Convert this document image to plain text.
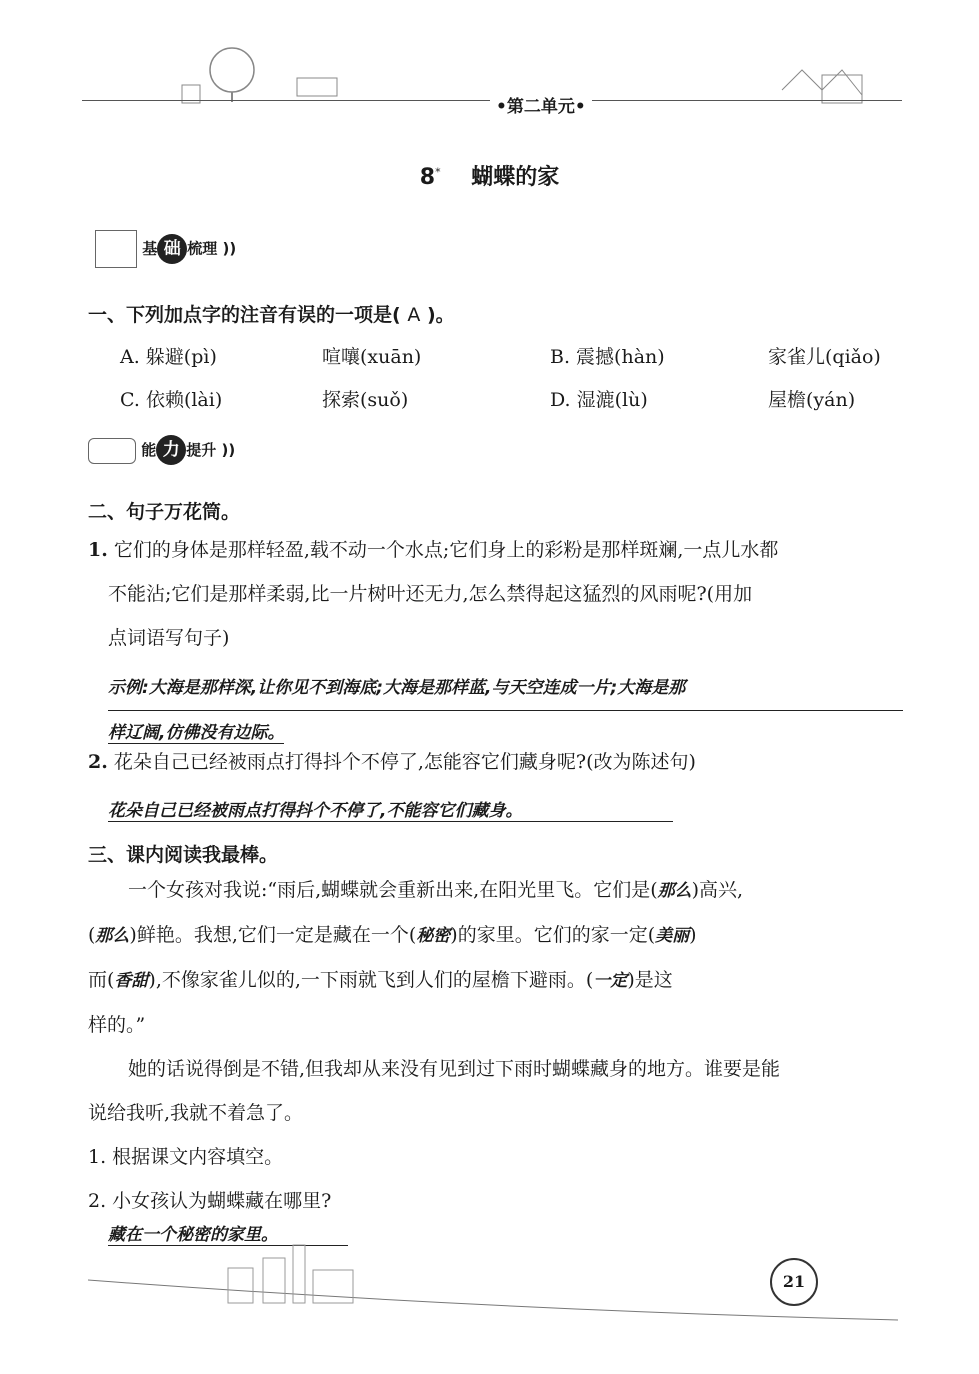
•第二单元•
8* 蝴蝶的家
基 础 梳理 ))
一、下列加点字的注音有误的一项是( A )。
A. 躲避(pì)	喧嚷(xuān)	B. 震撼(hàn)	家雀儿(qiǎo)
C. 依赖(lài)	探索(suǒ)	D. 湿漉(lù)	屋檐(yán)
能 力 提升 ))
二、句子万花筒。
1. 它们的身体是那样轻盈,载不动一个水点;它们身上的彩粉是那样斑斓,一点儿水都
不能沾;它们是那样柔弱,比一片树叶还无力,怎么禁得起这猛烈的风雨呢?(用加
点词语写句子)
示例:大海是那样深,让你见不到海底;大海是那样蓝,与天空连成一片;大海是那
样辽阔,仿佛没有边际。
2. 花朵自己已经被雨点打得抖个不停了,怎能容它们藏身呢?(改为陈述句)
花朵自己已经被雨点打得抖个不停了,不能容它们藏身。
三、课内阅读我最棒。
一个女孩对我说:“雨后,蝴蝶就会重新出来,在阳光里飞。它们是(那么)高兴,
(那么)鲜艳。我想,它们一定是藏在一个(秘密)的家里。它们的家一定(美丽)
而(香甜),不像家雀儿似的,一下雨就飞到人们的屋檐下避雨。(一定)是这
样的。”
她的话说得倒是不错,但我却从来没有见到过下雨时蝴蝶藏身的地方。谁要是能
说给我听,我就不着急了。
1. 根据课文内容填空。
2. 小女孩认为蝴蝶藏在哪里?
藏在一个秘密的家里。
21
